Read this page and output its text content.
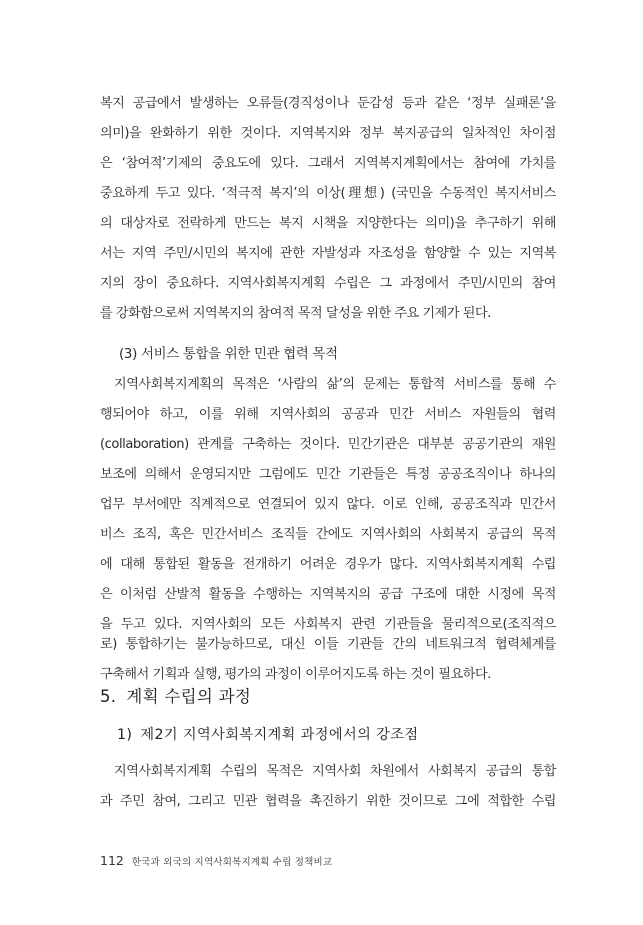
복지 공급에서 발생하는 오류들(경직성이나 둔감성 등과 같은 ‘정부 실패론’을
의미)을 완화하기 위한 것이다. 지역복지와 정부 복지공급의 일차적인 차이점
은 ‘참여적’기제의 중요도에 있다. 그래서 지역복지계획에서는 참여에 가치를
중요하게 두고 있다. ‘적극적 복지’의 이상(理想) (국민을 수동적인 복지서비스
의 대상자로 전락하게 만드는 복지 시책을 지양한다는 의미)을 추구하기 위해
서는 지역 주민/시민의 복지에 관한 자발성과 자조성을 함양할 수 있는 지역복
지의 장이 중요하다. 지역사회복지계획 수립은 그 과정에서 주민/시민의 참여
를 강화함으로써 지역복지의 참여적 목적 달성을 위한 주요 기제가 된다.
(3) 서비스 통합을 위한 민관 협력 목적
지역사회복지계획의 목적은 ‘사람의 삶’의 문제는 통합적 서비스를 통해 수
행되어야 하고, 이를 위해 지역사회의 공공과 민간 서비스 자원들의 협력
(collaboration) 관계를 구축하는 것이다. 민간기관은 대부분 공공기관의 재원
보조에 의해서 운영되지만 그럼에도 민간 기관들은 특정 공공조직이나 하나의
업무 부서에만 직계적으로 연결되어 있지 않다. 이로 인해, 공공조직과 민간서
비스 조직, 혹은 민간서비스 조직들 간에도 지역사회의 사회복지 공급의 목적
에 대해 통합된 활동을 전개하기 어려운 경우가 많다. 지역사회복지계획 수립
은 이처럼 산발적 활동을 수행하는 지역복지의 공급 구조에 대한 시정에 목적
을 두고 있다. 지역사회의 모든 사회복지 관련 기관들을 물리적으로(조직적으
로) 통합하기는 불가능하므로, 대신 이들 기관들 간의 네트워크적 협력체계를
구축해서 기획과 실행, 평가의 과정이 이루어지도록 하는 것이 필요하다.
5. 계획 수립의 과정
1) 제2기 지역사회복지계획 과정에서의 강조점
지역사회복지계획 수립의 목적은 지역사회 차원에서 사회복지 공급의 통합
과 주민 참여, 그리고 민관 협력을 촉진하기 위한 것이므로 그에 적합한 수립
112 한국과 외국의 지역사회복지계획 수립 정책비교
